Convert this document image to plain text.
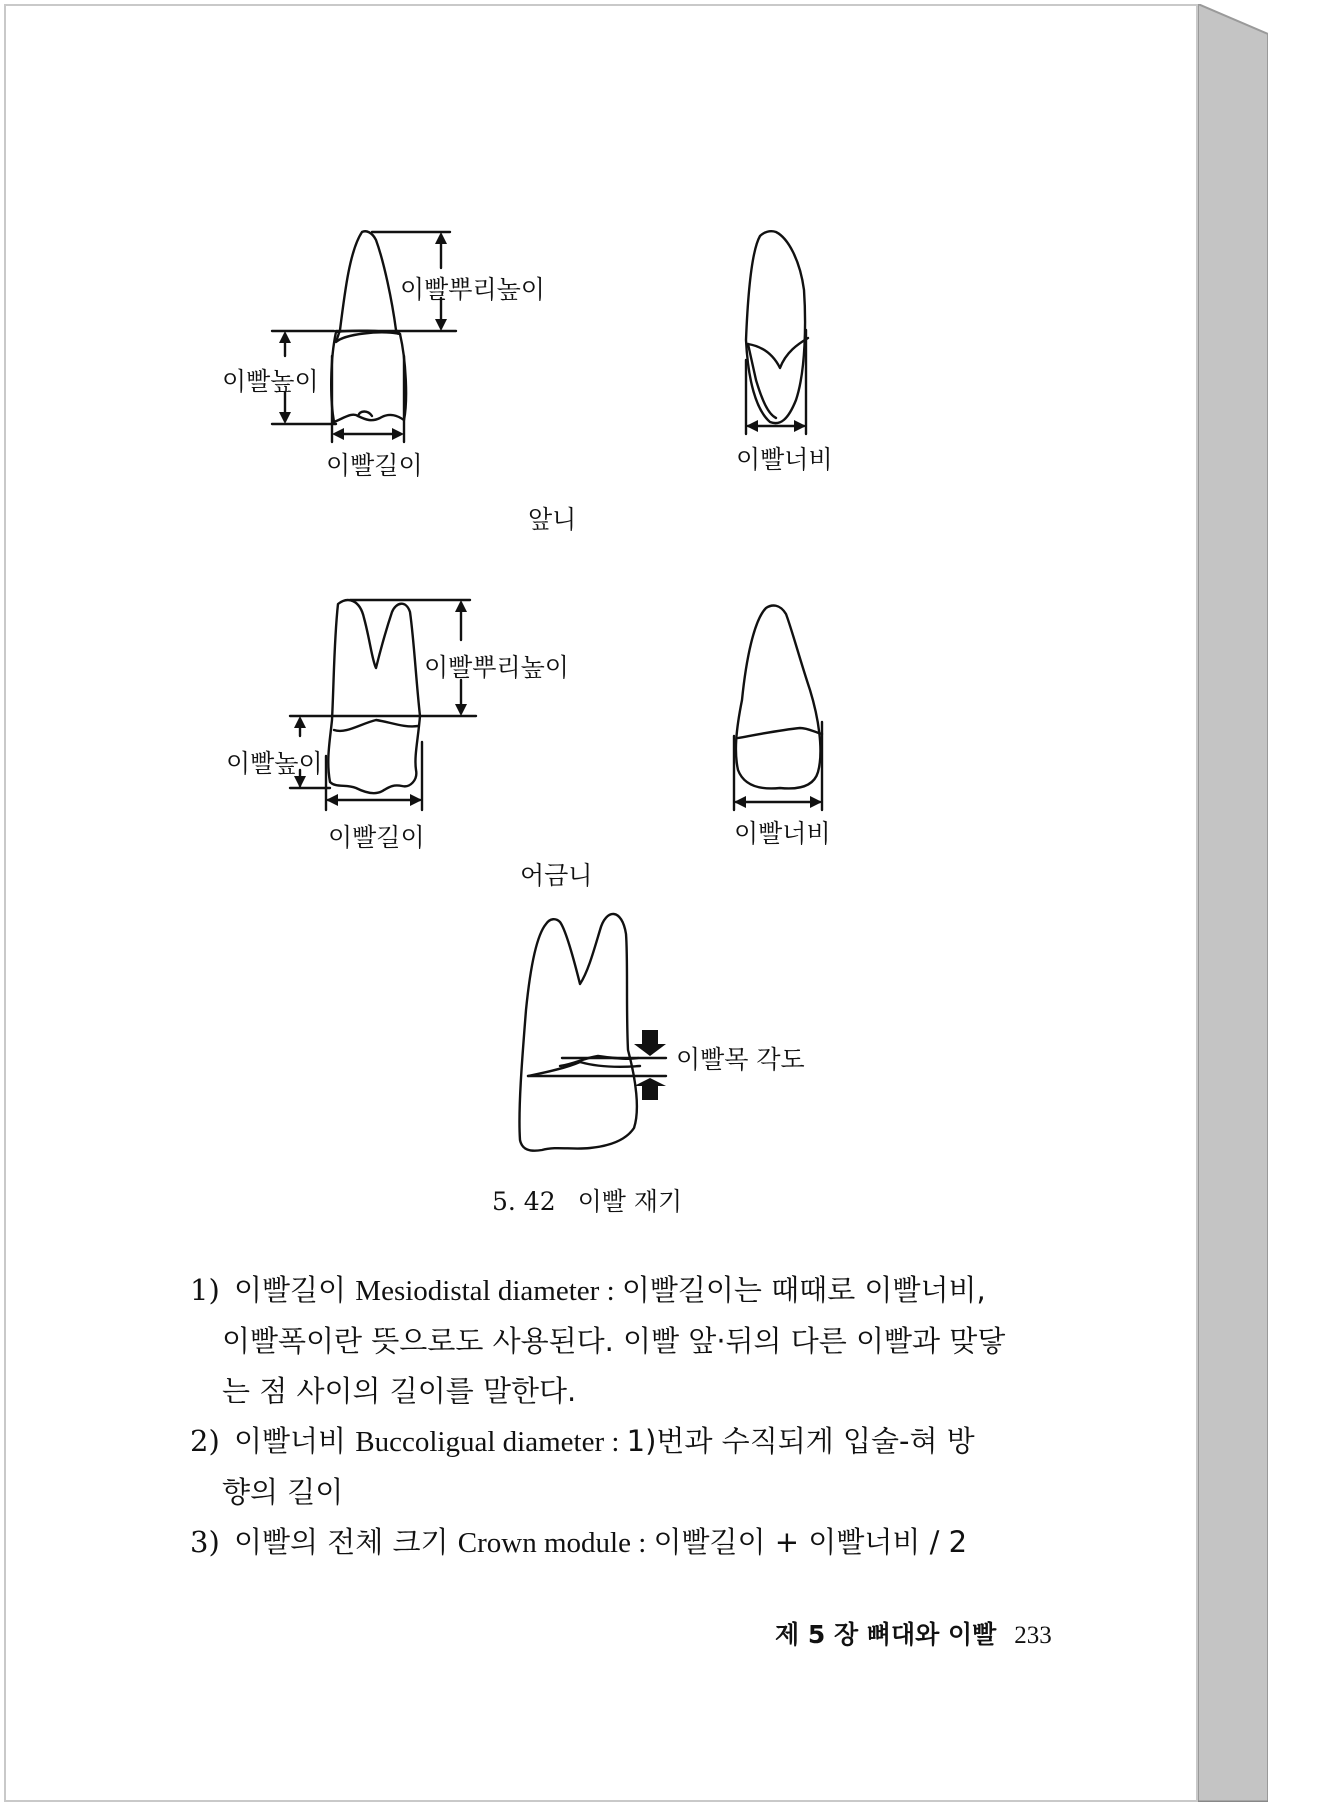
이빨뿌리높이
이빨높이
이빨길이	이빨너비
앞니
이빨뿌리높이
이빨높이
이빨길이	이빨너비
어금니
이빨목 각도
5. 42 이빨 재기
1) 이빨길이 Mesiodistal diameter : 이빨길이는 때때로 이빨너비,
이빨폭이란 뜻으로도 사용된다. 이빨 앞·뒤의 다른 이빨과 맞닿
는 점 사이의 길이를 말한다.
2) 이빨너비 Buccoligual diameter : 1)번과 수직되게 입술-혀 방
향의 길이
3) 이빨의 전체 크기 Crown module : 이빨길이 + 이빨너비 / 2
제 5 장 뼈대와 이빨 233
